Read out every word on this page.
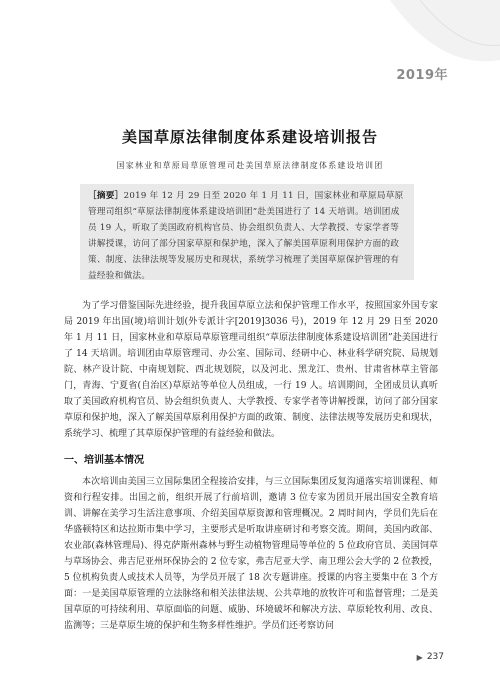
2019年
美国草原法律制度体系建设培训报告
国家林业和草原局草原管理司赴美国草原法律制度体系建设培训团
［摘要］2019 年 12 月 29 日至 2020 年 1 月 11 日，国家林业和草原局草原管理司组织“草原法律制度体系建设培训团”赴美国进行了 14 天培训。培训团成员 19 人，听取了美国政府机构官员、协会组织负责人、大学教授、专家学者等讲解授课，访问了部分国家草原和保护地，深入了解美国草原利用保护方面的政策、制度、法律法规等发展历史和现状，系统学习梳理了美国草原保护管理的有益经验和做法。

为了学习借鉴国际先进经验，提升我国草原立法和保护管理工作水平，按照国家外国专家局 2019 年出国(境)培训计划(外专派计字[2019]3036 号)，2019 年 12 月 29 日至 2020 年 1 月 11 日，国家林业和草原局草原管理司组织“草原法律制度体系建设培训团”赴美国进行了 14 天培训。培训团由草原管理司、办公室、国际司、经研中心、林业科学研究院、局规划院、林产设计院、中南规划院、西北规划院，以及河北、黑龙江、贵州、甘肃省林草主管部门，青海、宁夏省(自治区)草原站等单位人员组成，一行 19 人。培训期间，全团成员认真听取了美国政府机构官员、协会组织负责人、大学教授、专家学者等讲解授课，访问了部分国家草原和保护地，深入了解美国草原利用保护方面的政策、制度、法律法规等发展历史和现状，系统学习、梳理了其草原保护管理的有益经验和做法。

一、培训基本情况

本次培训由美国三立国际集团全程接洽安排，与三立国际集团反复沟通落实培训课程、师资和行程安排。出国之前，组织开展了行前培训，邀请 3 位专家为团员开展出国安全教育培训、讲解在美学习生活注意事项、介绍美国草原资源和管理概况。2 周时间内，学员们先后在华盛顿特区和达拉斯市集中学习，主要形式是听取讲座研讨和考察交流。期间，美国内政部、农业部(森林管理局)、得克萨斯州森林与野生动植物管理局等单位的 5 位政府官员、美国饲草与草场协会、弗吉尼亚州环保协会的 2 位专家，弗吉尼亚大学、南卫理公会大学的 2 位教授，5 位机构负责人或技术人员等，为学员开展了 18 次专题讲座。授课的内容主要集中在 3 个方面：一是美国草原管理的立法脉络和相关法律法规、公共草地的放牧许可和监督管理；二是美国草原的可持续利用、草原面临的问题、威胁、环境破坏和解决方法、草原轮牧利用、改良、监测等；三是草原生境的保护和生物多样性维护。学员们还考察访问

▶ 237
